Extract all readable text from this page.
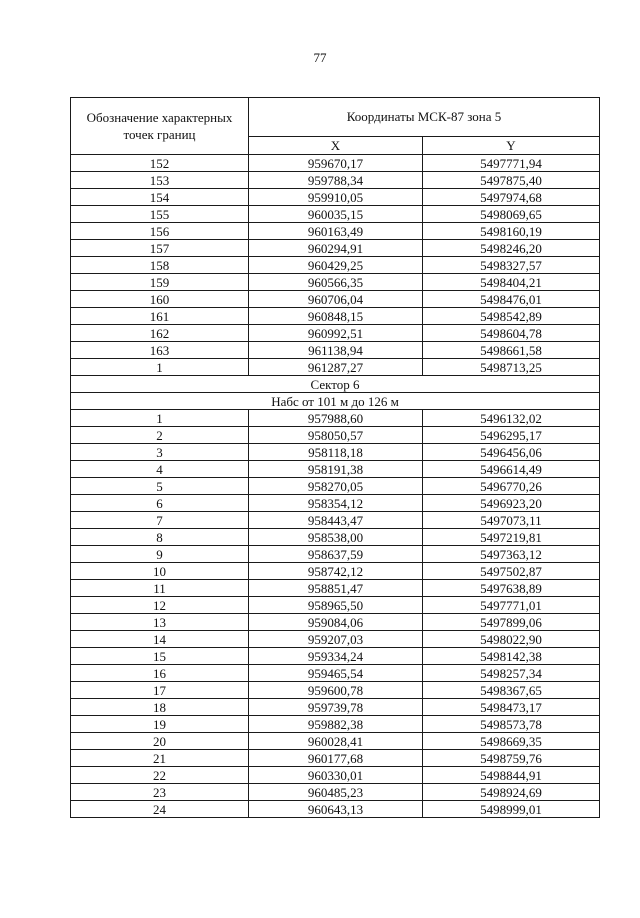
77
Обозначение характерных точек границ	Координаты МСК-87 зона 5	
	X	Y
152	959670,17	5497771,94
153	959788,34	5497875,40
154	959910,05	5497974,68
155	960035,15	5498069,65
156	960163,49	5498160,19
157	960294,91	5498246,20
158	960429,25	5498327,57
159	960566,35	5498404,21
160	960706,04	5498476,01
161	960848,15	5498542,89
162	960992,51	5498604,78
163	961138,94	5498661,58
1	961287,27	5498713,25
Сектор 6		
Набс от 101 м до 126 м		
1	957988,60	5496132,02
2	958050,57	5496295,17
3	958118,18	5496456,06
4	958191,38	5496614,49
5	958270,05	5496770,26
6	958354,12	5496923,20
7	958443,47	5497073,11
8	958538,00	5497219,81
9	958637,59	5497363,12
10	958742,12	5497502,87
11	958851,47	5497638,89
12	958965,50	5497771,01
13	959084,06	5497899,06
14	959207,03	5498022,90
15	959334,24	5498142,38
16	959465,54	5498257,34
17	959600,78	5498367,65
18	959739,78	5498473,17
19	959882,38	5498573,78
20	960028,41	5498669,35
21	960177,68	5498759,76
22	960330,01	5498844,91
23	960485,23	5498924,69
24	960643,13	5498999,01
